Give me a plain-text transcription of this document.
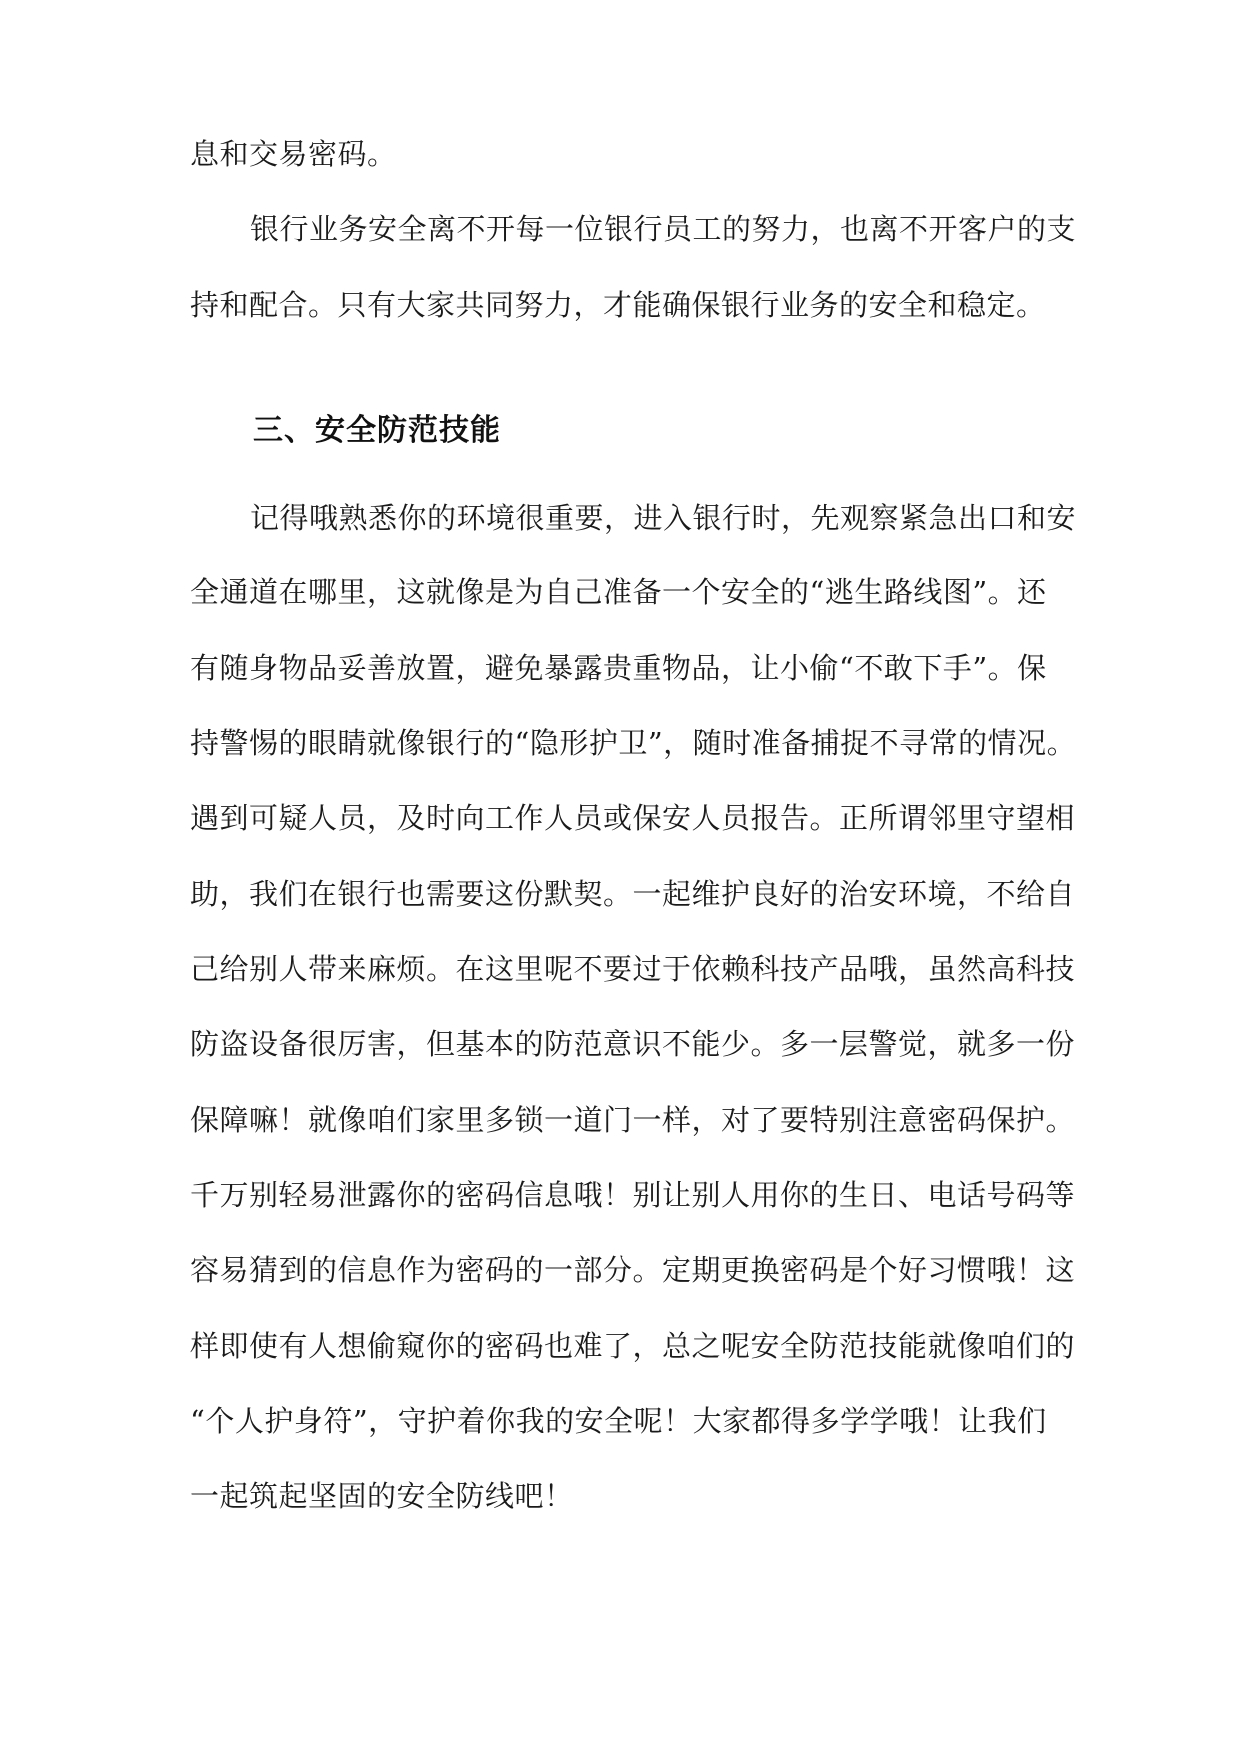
息和交易密码。
银行业务安全离不开每一位银行员工的努力，也离不开客户的支
持和配合。只有大家共同努力，才能确保银行业务的安全和稳定。
三、安全防范技能
记得哦熟悉你的环境很重要，进入银行时，先观察紧急出口和安
全通道在哪里，这就像是为自己准备一个安全的“逃生路线图”。还
有随身物品妥善放置，避免暴露贵重物品，让小偷“不敢下手”。保
持警惕的眼睛就像银行的“隐形护卫”，随时准备捕捉不寻常的情况。
遇到可疑人员，及时向工作人员或保安人员报告。正所谓邻里守望相
助，我们在银行也需要这份默契。一起维护良好的治安环境，不给自
己给别人带来麻烦。在这里呢不要过于依赖科技产品哦，虽然高科技
防盗设备很厉害，但基本的防范意识不能少。多一层警觉，就多一份
保障嘛！就像咱们家里多锁一道门一样，对了要特别注意密码保护。
千万别轻易泄露你的密码信息哦！别让别人用你的生日、电话号码等
容易猜到的信息作为密码的一部分。定期更换密码是个好习惯哦！这
样即使有人想偷窥你的密码也难了，总之呢安全防范技能就像咱们的
“个人护身符”，守护着你我的安全呢！大家都得多学学哦！让我们
一起筑起坚固的安全防线吧！
